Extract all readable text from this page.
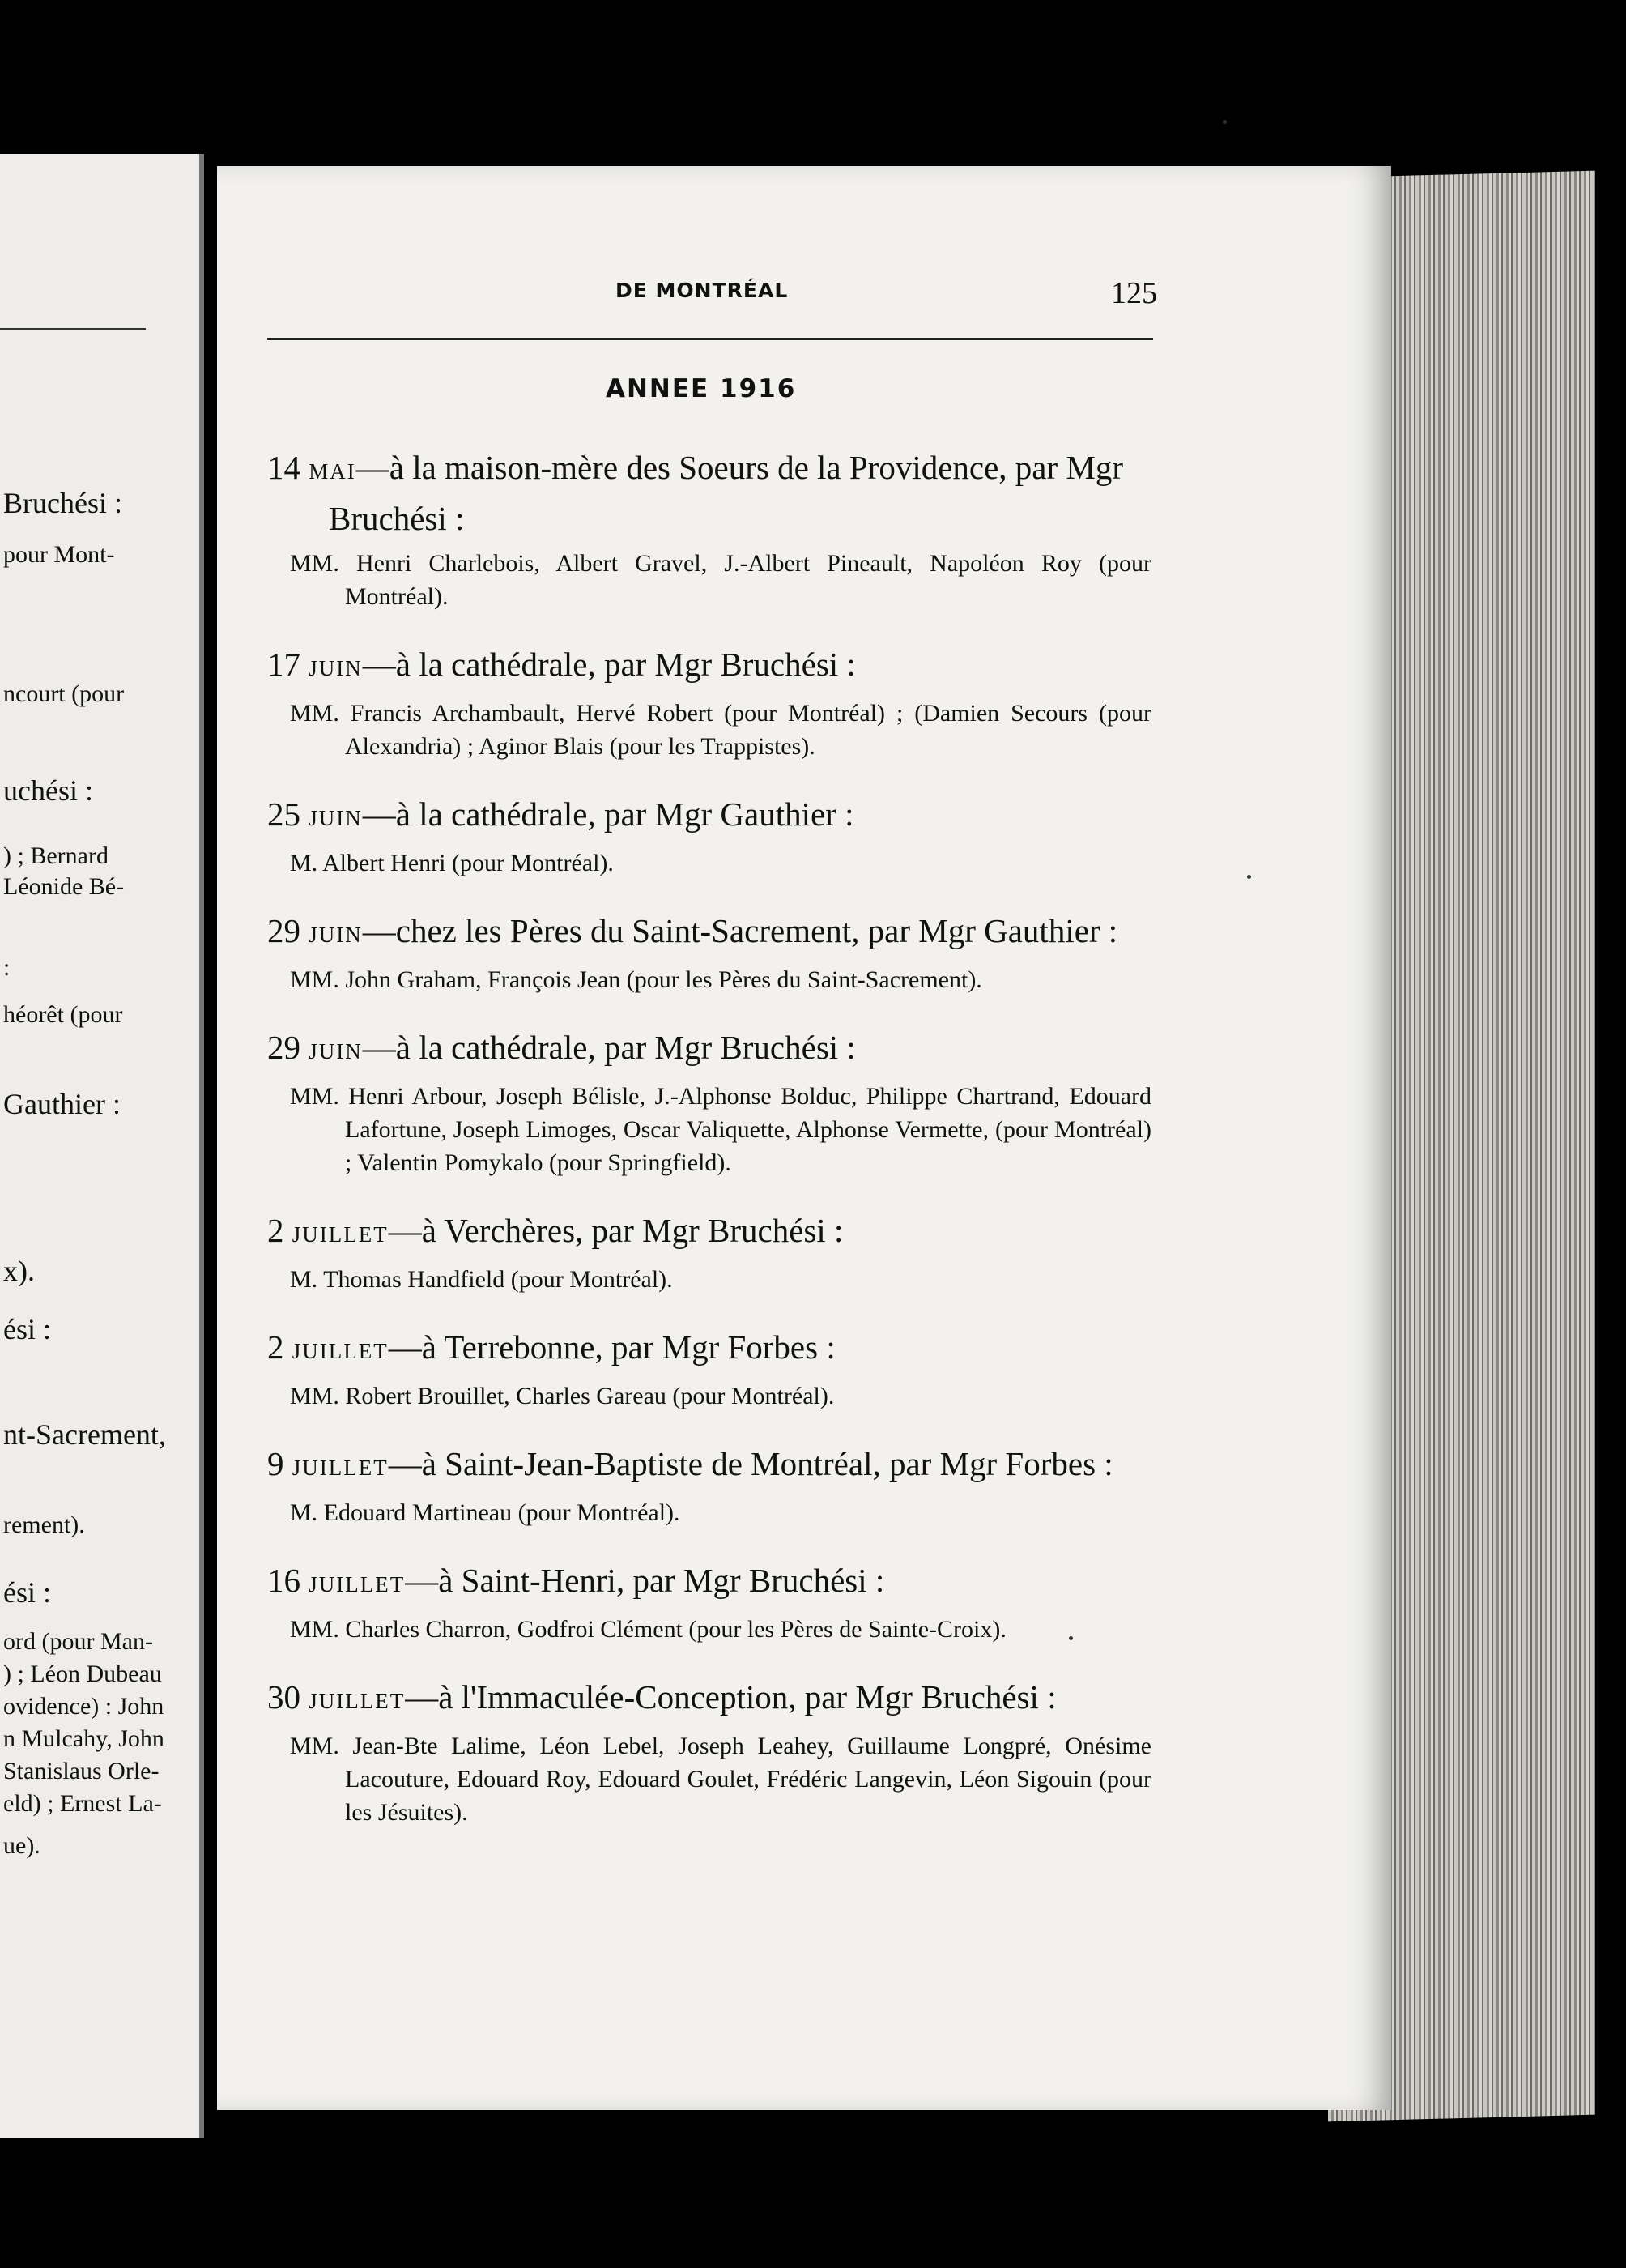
Bruchési :
pour Mont-
ncourt (pour
uchési :
) ; Bernard
Léonide Bé-
:
héorêt (pour
Gauthier :
x).
ési :
nt-Sacrement,
rement).
ési :
ord (pour Man-
) ; Léon Dubeau
ovidence) : John
n Mulcahy, John
Stanislaus Orle-
eld) ; Ernest La-
ue).
DE MONTRÉAL	125
ANNEE 1916
14 MAI—à la maison-mère des Soeurs de la Providence, par Mgr Bruchési :
MM. Henri Charlebois, Albert Gravel, J.-Albert Pineault, Napoléon Roy (pour Montréal).
17 JUIN—à la cathédrale, par Mgr Bruchési :
MM. Francis Archambault, Hervé Robert (pour Montréal) ; (Damien Secours (pour Alexandria) ; Aginor Blais (pour les Trappistes).
25 JUIN—à la cathédrale, par Mgr Gauthier :
M. Albert Henri (pour Montréal).
29 JUIN—chez les Pères du Saint-Sacrement, par Mgr Gauthier :
MM. John Graham, François Jean (pour les Pères du Saint-Sacrement).
29 JUIN—à la cathédrale, par Mgr Bruchési :
MM. Henri Arbour, Joseph Bélisle, J.-Alphonse Bolduc, Philippe Chartrand, Edouard Lafortune, Joseph Limoges, Oscar Valiquette, Alphonse Vermette, (pour Montréal) ; Valentin Pomykalo (pour Springfield).
2 JUILLET—à Verchères, par Mgr Bruchési :
M. Thomas Handfield (pour Montréal).
2 JUILLET—à Terrebonne, par Mgr Forbes :
MM. Robert Brouillet, Charles Gareau (pour Montréal).
9 JUILLET—à Saint-Jean-Baptiste de Montréal, par Mgr Forbes :
M. Edouard Martineau (pour Montréal).
16 JUILLET—à Saint-Henri, par Mgr Bruchési :
MM. Charles Charron, Godfroi Clément (pour les Pères de Sainte-Croix).
30 JUILLET—à l'Immaculée-Conception, par Mgr Bruchési :
MM. Jean-Bte Lalime, Léon Lebel, Joseph Leahey, Guillaume Longpré, Onésime Lacouture, Edouard Roy, Edouard Goulet, Frédéric Langevin, Léon Sigouin (pour les Jésuites).
